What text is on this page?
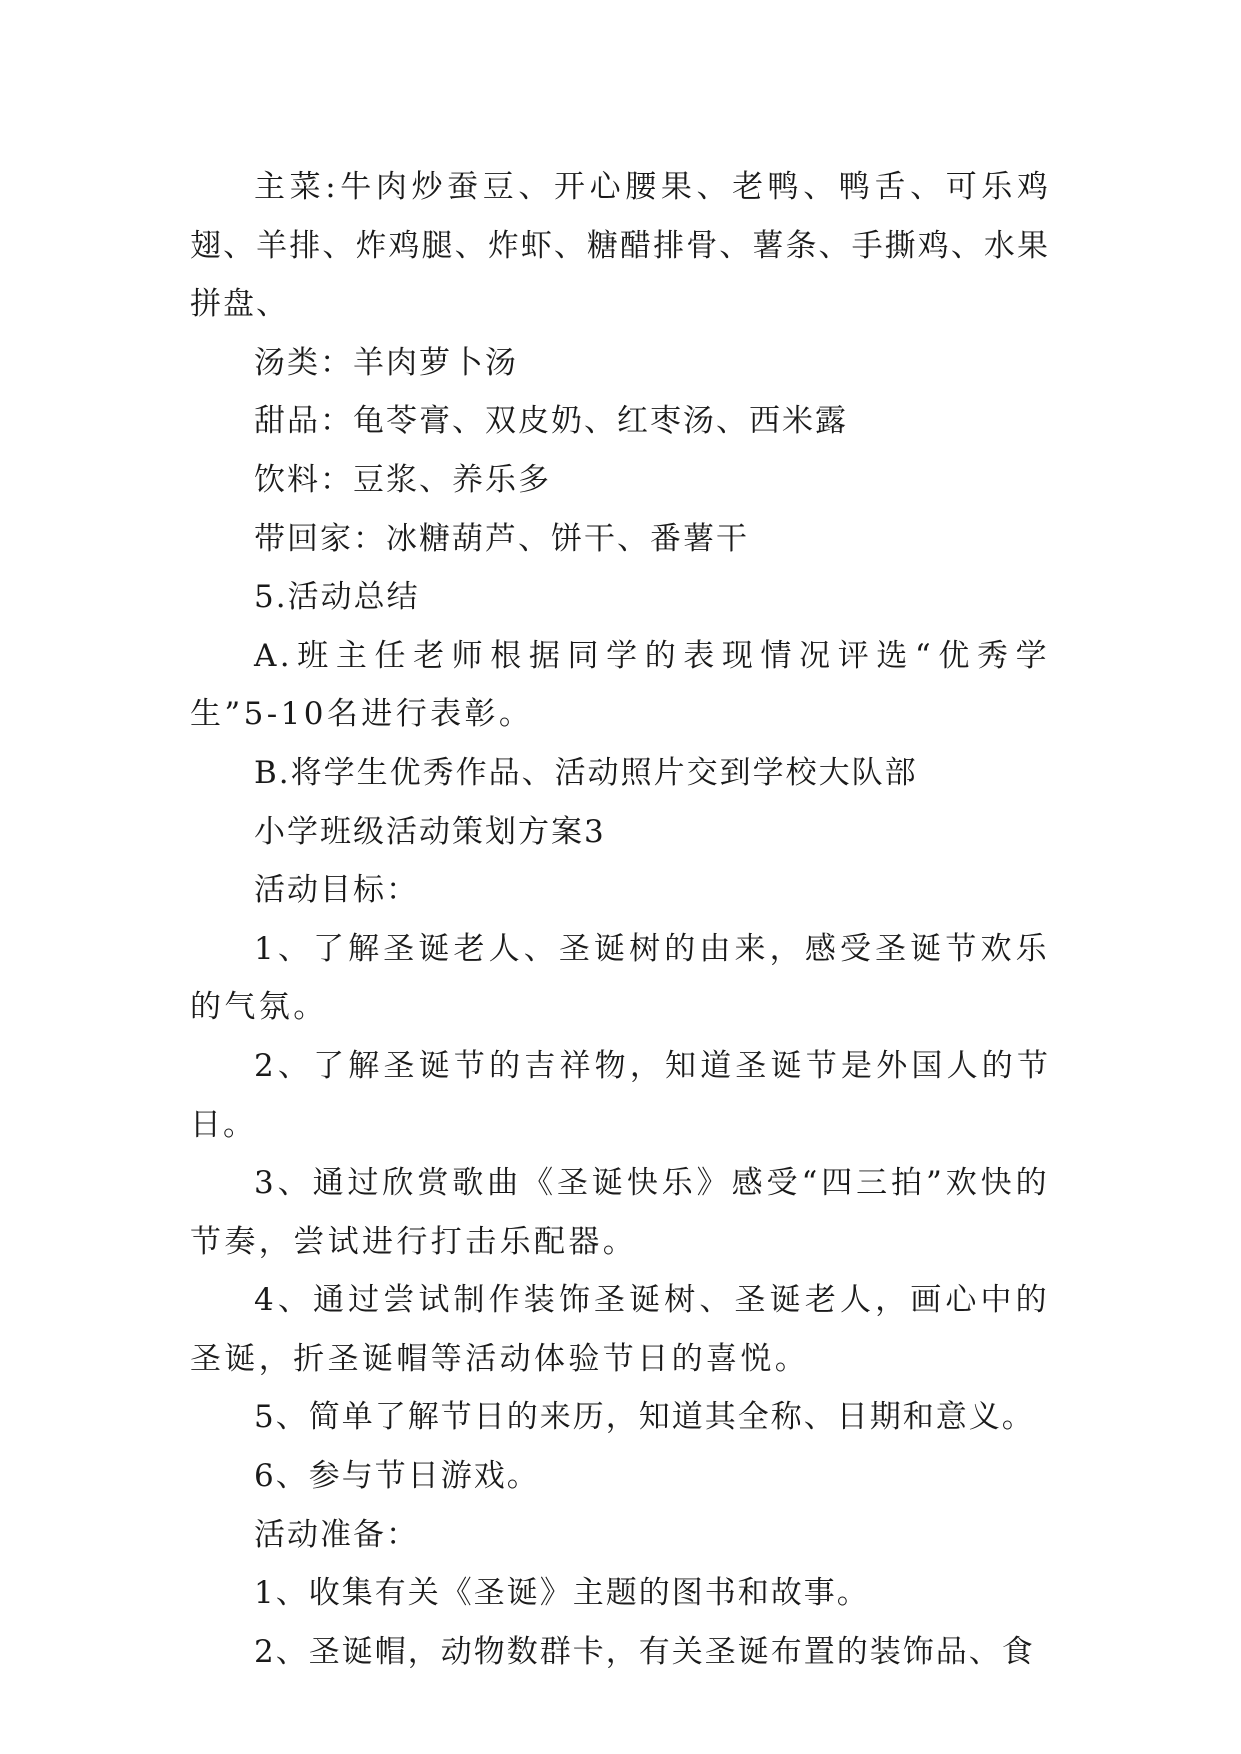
主菜:牛肉炒蚕豆、开心腰果、老鸭、鸭舌、可乐鸡翅、羊排、炸鸡腿、炸虾、糖醋排骨、薯条、手撕鸡、水果拼盘、

汤类：羊肉萝卜汤

甜品：龟苓膏、双皮奶、红枣汤、西米露

饮料：豆浆、养乐多

带回家：冰糖葫芦、饼干、番薯干

5.活动总结

A.班主任老师根据同学的表现情况评选“优秀学生”5-10名进行表彰。

B.将学生优秀作品、活动照片交到学校大队部

小学班级活动策划方案3

活动目标：

1、了解圣诞老人、圣诞树的由来，感受圣诞节欢乐的气氛。

2、了解圣诞节的吉祥物，知道圣诞节是外国人的节日。

3、通过欣赏歌曲《圣诞快乐》感受“四三拍”欢快的节奏，尝试进行打击乐配器。

4、通过尝试制作装饰圣诞树、圣诞老人，画心中的圣诞，折圣诞帽等活动体验节日的喜悦。

5、简单了解节日的来历，知道其全称、日期和意义。

6、参与节日游戏。

活动准备：

1、收集有关《圣诞》主题的图书和故事。

2、圣诞帽，动物数群卡，有关圣诞布置的装饰品、食
